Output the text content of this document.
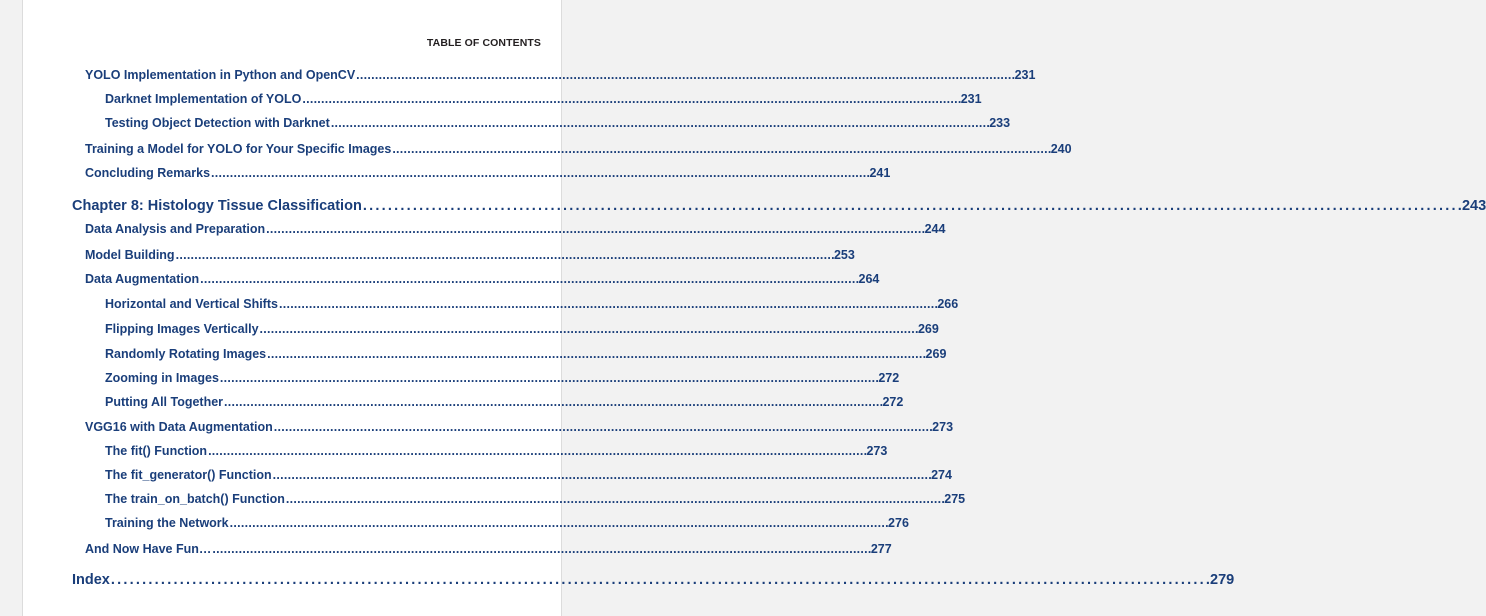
TABLE OF CONTENTS
YOLO Implementation in Python and OpenCV . . .	231
Darknet Implementation of YOLO . . .	231
Testing Object Detection with Darknet . . .	233
Training a Model for YOLO for Your Specific Images . . .	240
Concluding Remarks . . .	241
Chapter 8: Histology Tissue Classification . . .	243
Data Analysis and Preparation . . .	244
Model Building . . .	253
Data Augmentation . . .	264
Horizontal and Vertical Shifts . . .	266
Flipping Images Vertically . . .	269
Randomly Rotating Images . . .	269
Zooming in Images . . .	272
Putting All Together . . .	272
VGG16 with Data Augmentation . . .	273
The fit() Function . . .	273
The fit_generator() Function . . .	274
The train_on_batch() Function . . .	275
Training the Network . . .	276
And Now Have Fun… . . .	277
Index . . .	279
